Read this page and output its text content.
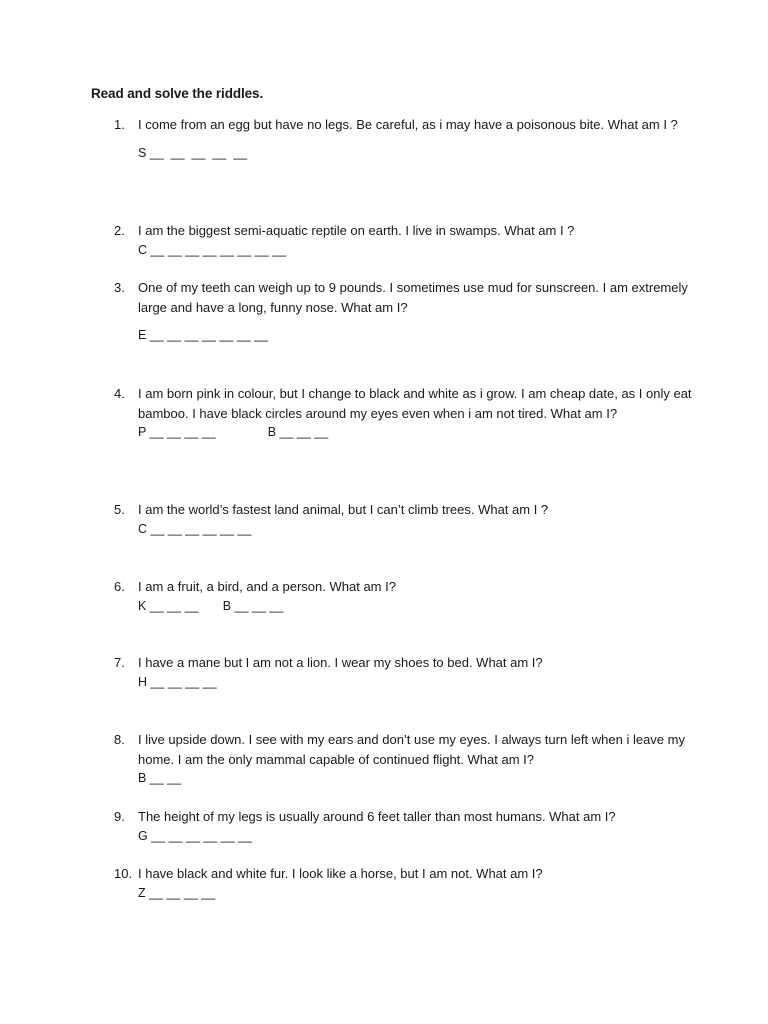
Read and solve the riddles.
1.	I come from an egg but have no legs. Be careful, as i may have a poisonous bite. What am I ?
S __  __  __  __  __
2.	I am the biggest semi-aquatic reptile on earth. I live in swamps. What am I ?
C __ __ __ __ __ __ __ __
3.	One of my teeth can weigh up to 9 pounds. I sometimes use mud for sunscreen. I am extremely large and have a long, funny nose. What am I?
E __ __ __ __ __ __ __
4.	I am born pink in colour, but I change to black and white as i grow. I am cheap date, as I only eat bamboo. I have black circles around my eyes even when i am not tired. What am I?
P __ __ __ __               B __ __ __
5.	I am the world’s fastest land animal, but I can’t climb trees. What am I ?
C __ __ __ __ __ __
6.	I am a fruit, a bird, and a person. What am I?
K __ __ __       B __ __ __
7.	I have a mane but I am not a lion. I wear my shoes to bed. What am I?
H __ __ __ __
8.	I live upside down. I see with my ears and don’t use my eyes. I always turn left when i leave my home. I am the only mammal capable of continued flight. What am I?
B __ __
9.	The height of my legs is usually around 6 feet taller than most humans. What am I?
G __ __ __ __ __ __
10. I have black and white fur. I look like a horse, but I am not. What am I?
Z __ __ __ __
